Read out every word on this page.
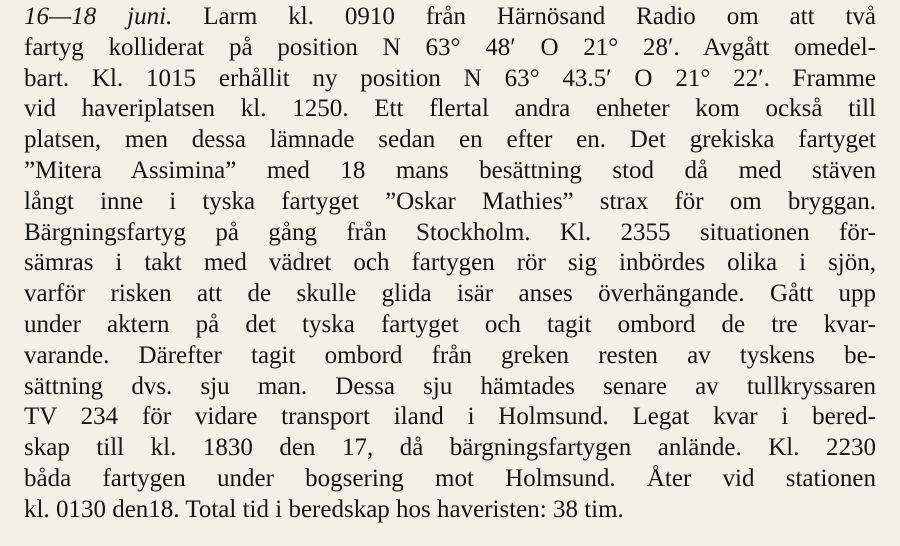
16—18 juni. Larm kl. 0910 från Härnösand Radio om att två
fartyg kolliderat på position N 63° 48′ O 21° 28′. Avgått omedel-
bart. Kl. 1015 erhållit ny position N 63° 43.5′ O 21° 22′. Framme
vid haveriplatsen kl. 1250. Ett flertal andra enheter kom också till
platsen, men dessa lämnade sedan en efter en. Det grekiska fartyget
”Mitera Assimina” med 18 mans besättning stod då med stäven
långt inne i tyska fartyget ”Oskar Mathies” strax för om bryggan.
Bärgningsfartyg på gång från Stockholm. Kl. 2355 situationen för-
sämras i takt med vädret och fartygen rör sig inbördes olika i sjön,
varför risken att de skulle glida isär anses överhängande. Gått upp
under aktern på det tyska fartyget och tagit ombord de tre kvar-
varande. Därefter tagit ombord från greken resten av tyskens be-
sättning dvs. sju man. Dessa sju hämtades senare av tullkryssaren
TV 234 för vidare transport iland i Holmsund. Legat kvar i bered-
skap till kl. 1830 den 17, då bärgningsfartygen anlände. Kl. 2230
båda fartygen under bogsering mot Holmsund. Åter vid stationen
kl. 0130 den18. Total tid i beredskap hos haveristen: 38 tim.
